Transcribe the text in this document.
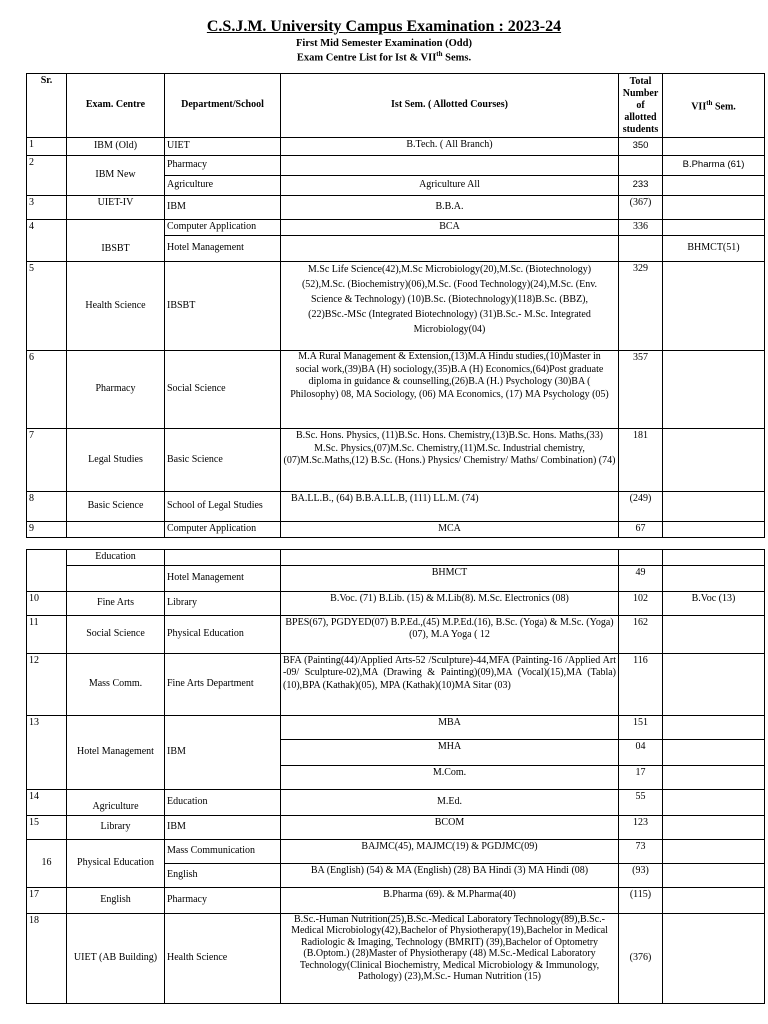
C.S.J.M. University Campus Examination : 2023-24
First Mid Semester Examination (Odd)
Exam Centre List for Ist & VIIth Sems.
Sr.	Exam. Centre	Department/School	Ist Sem. ( Allotted Courses)	Total Number of allotted students	VIIth Sem.
1	IBM (Old)	UIET	B.Tech. ( All Branch)	350	
2	IBM New	Pharmacy			B.Pharma (61)
		Agriculture	Agriculture All	233	
3	UIET-IV	IBM	B.B.A.	(367)	
4	IBSBT	Computer Application	BCA	336	
		Hotel Management			BHMCT(51)
5	Health Science	IBSBT	M.Sc Life Science(42),M.Sc Microbiology(20),M.Sc. (Biotechnology)(52),M.Sc. (Biochemistry)(06),M.Sc. (Food Technology)(24),M.Sc. (Env. Science & Technology) (10)B.Sc. (Biotechnology)(118)B.Sc. (BBZ),(22)BSc.-MSc (Integrated Biotechnology) (31)B.Sc.- M.Sc. Integrated Microbiology(04)	329	
6	Pharmacy	Social Science	M.A Rural Management & Extension,(13)M.A Hindu studies,(10)Master in social work,(39)BA (H) sociology,(35)B.A (H) Economics,(64)Post graduate diploma in guidance & counselling,(26)B.A (H.) Psychology (30)BA ( Philosophy) 08, MA Sociology, (06) MA Economics, (17) MA Psychology (05)	357	
7	Legal Studies	Basic Science	B.Sc. Hons. Physics, (11)B.Sc. Hons. Chemistry,(13)B.Sc. Hons. Maths,(33) M.Sc. Physics,(07)M.Sc. Chemistry,(11)M.Sc. Industrial chemistry,(07)M.Sc.Maths,(12) B.Sc. (Hons.) Physics/ Chemistry/ Maths/ Combination) (74)	181	
8	Basic Science	School of Legal Studies	BA.LL.B., (64) B.B.A.LL.B, (111) LL.M. (74)	(249)	
9		Computer Application	MCA	67	
	Education				
		Hotel Management	BHMCT	49	
10	Fine Arts	Library	B.Voc. (71) B.Lib. (15) & M.Lib(8). M.Sc. Electronics (08)	102	B.Voc (13)
11	Social Science	Physical Education	BPES(67), PGDYED(07) B.P.Ed.,(45) M.P.Ed.(16), B.Sc. (Yoga) & M.Sc. (Yoga)(07), M.A Yoga ( 12	162	
12	Mass Comm.	Fine Arts Department	BFA (Painting(44)/Applied Arts-52 /Sculpture)-44,MFA (Painting-16 /Applied Art -09/ Sculpture-02),MA (Drawing & Painting)(09),MA (Vocal)(15),MA (Tabla)(10),BPA (Kathak)(05), MPA (Kathak)(10)MA Sitar (03)	116	
13	Hotel Management	IBM	MBA	151	
			MHA	04	
			M.Com.	17	
14	Agriculture	Education	M.Ed.	55	
15	Library	IBM	BCOM	123	
16	Physical Education	Mass Communication	BAJMC(45), MAJMC(19) & PGDJMC(09)	73	
		English	BA (English) (54) & MA (English) (28) BA Hindi (3) MA Hindi (08)	(93)	
17	English	Pharmacy	B.Pharma (69). & M.Pharma(40)	(115)	
18	UIET (AB Building)	Health Science	B.Sc.-Human Nutrition(25),B.Sc.-Medical Laboratory Technology(89),B.Sc.-Medical Microbiology(42),Bachelor of Physiotherapy(19),Bachelor in Medical Radiologic & Imaging, Technology (BMRIT) (39),Bachelor of Optometry (B.Optom.) (28)Master of Physiotherapy (48) M.Sc.-Medical Laboratory Technology(Clinical Biochemistry, Medical Microbiology & Immunology, Pathology) (23),M.Sc.- Human Nutrition (15)	(376)	
